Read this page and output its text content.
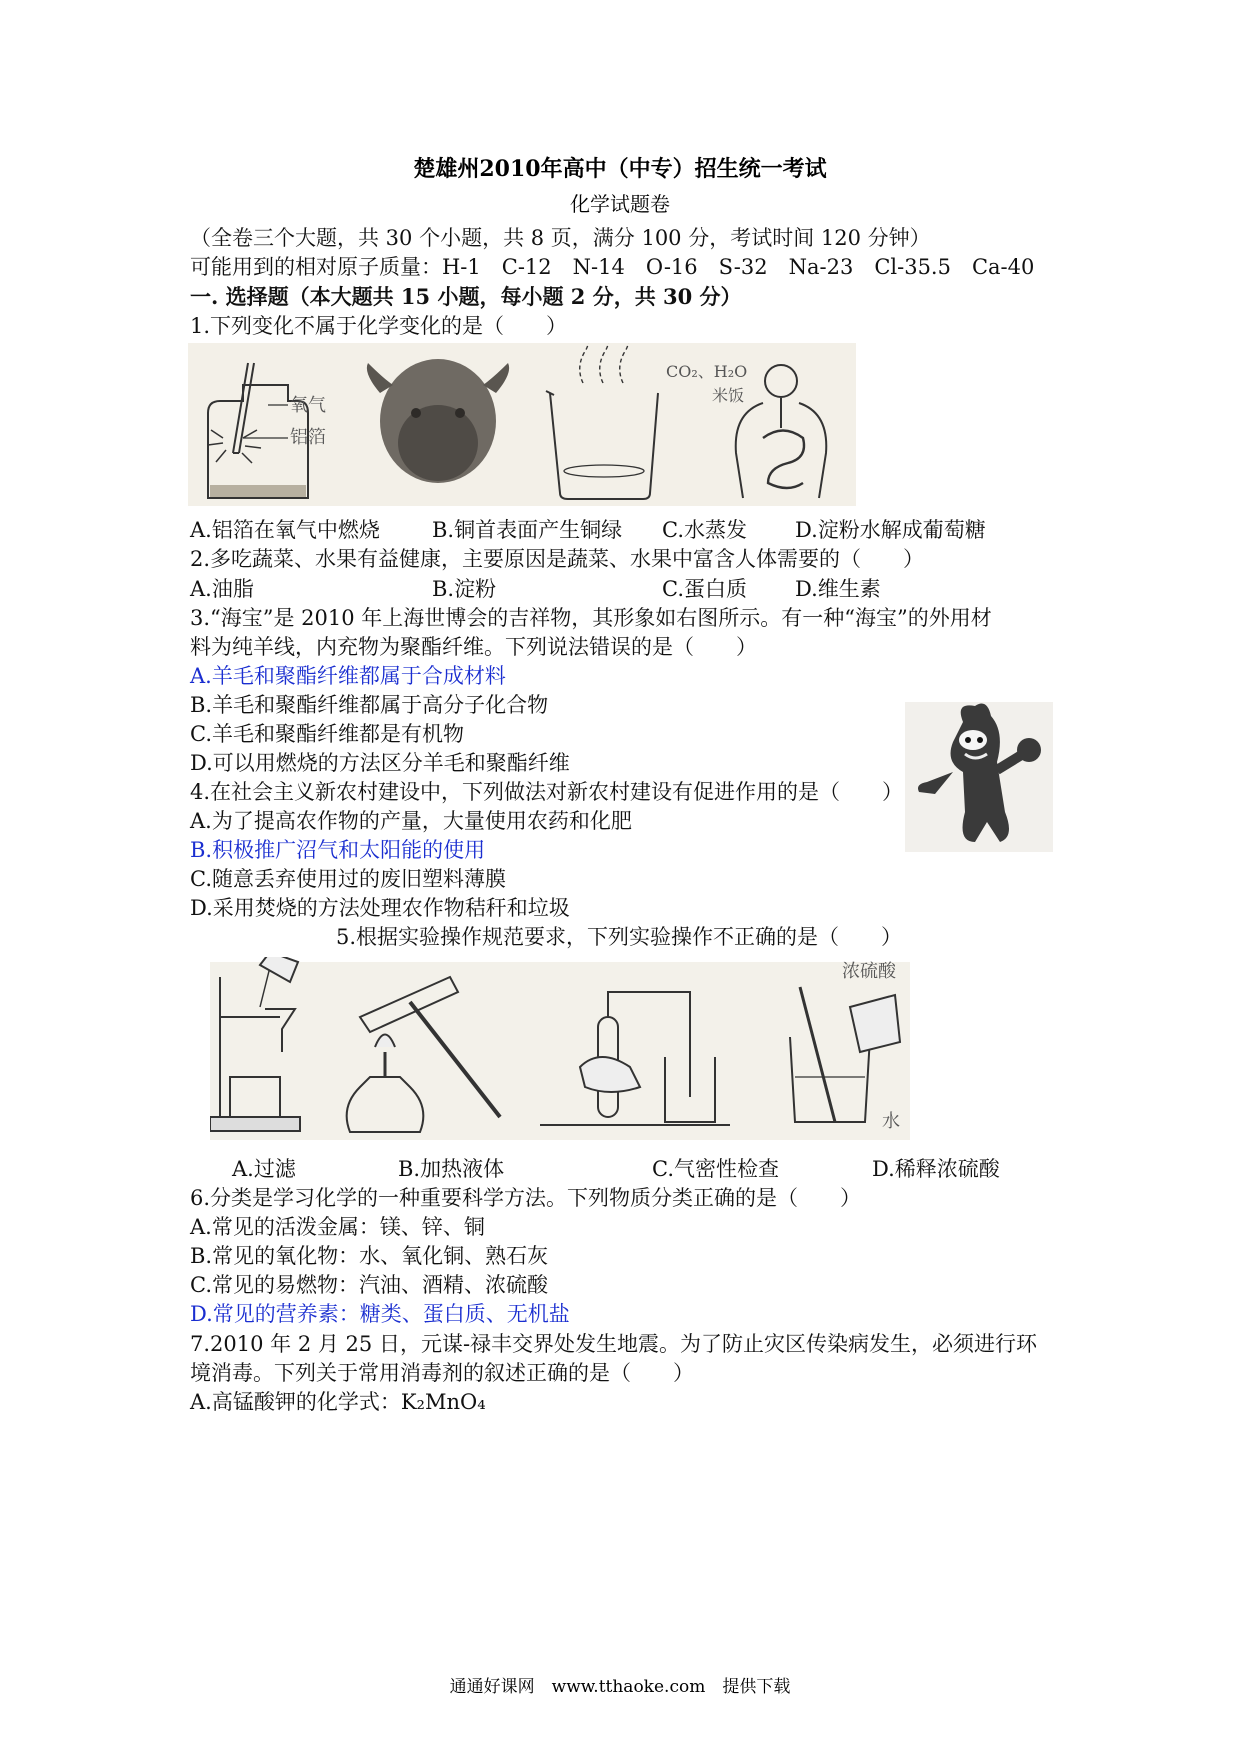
楚雄州2010年高中（中专）招生统一考试
化学试题卷
（全卷三个大题，共 30 个小题，共 8 页，满分 100 分，考试时间 120 分钟）
可能用到的相对原子质量：H-1　C-12　N-14　O-16　S-32　Na-23　Cl-35.5　Ca-40
一. 选择题（本大题共 15 小题，每小题 2 分，共 30 分）
1.下列变化不属于化学变化的是（　　）
氧气
铝箔
CO₂、H₂O
米饭
A.铝箔在氧气中燃烧 B.铜首表面产生铜绿 C.水蒸发 D.淀粉水解成葡萄糖
2.多吃蔬菜、水果有益健康，主要原因是蔬菜、水果中富含人体需要的（　　）
A.油脂	B.淀粉	C.蛋白质 D.维生素
3.“海宝”是 2010 年上海世博会的吉祥物，其形象如右图所示。有一种“海宝”的外用材
料为纯羊线，内充物为聚酯纤维。下列说法错误的是（　　）
A.羊毛和聚酯纤维都属于合成材料
B.羊毛和聚酯纤维都属于高分子化合物
C.羊毛和聚酯纤维都是有机物
D.可以用燃烧的方法区分羊毛和聚酯纤维
4.在社会主义新农村建设中，下列做法对新农村建设有促进作用的是（　　）
A.为了提高农作物的产量，大量使用农药和化肥
B.积极推广沼气和太阳能的使用
C.随意丢弃使用过的废旧塑料薄膜
D.采用焚烧的方法处理农作物秸秆和垃圾
5.根据实验操作规范要求，下列实验操作不正确的是（　　）
浓硫酸
水
A.过滤	B.加热液体	C.气密性检查	D.稀释浓硫酸
6.分类是学习化学的一种重要科学方法。下列物质分类正确的是（　　）
A.常见的活泼金属：镁、锌、铜
B.常见的氧化物：水、氧化铜、熟石灰
C.常见的易燃物：汽油、酒精、浓硫酸
D.常见的营养素：糖类、蛋白质、无机盐
7.2010 年 2 月 25 日，元谋-禄丰交界处发生地震。为了防止灾区传染病发生，必须进行环
境消毒。下列关于常用消毒剂的叙述正确的是（　　）
A.高锰酸钾的化学式：K₂MnO₄
通通好课网　www.tthaoke.com　提供下载
